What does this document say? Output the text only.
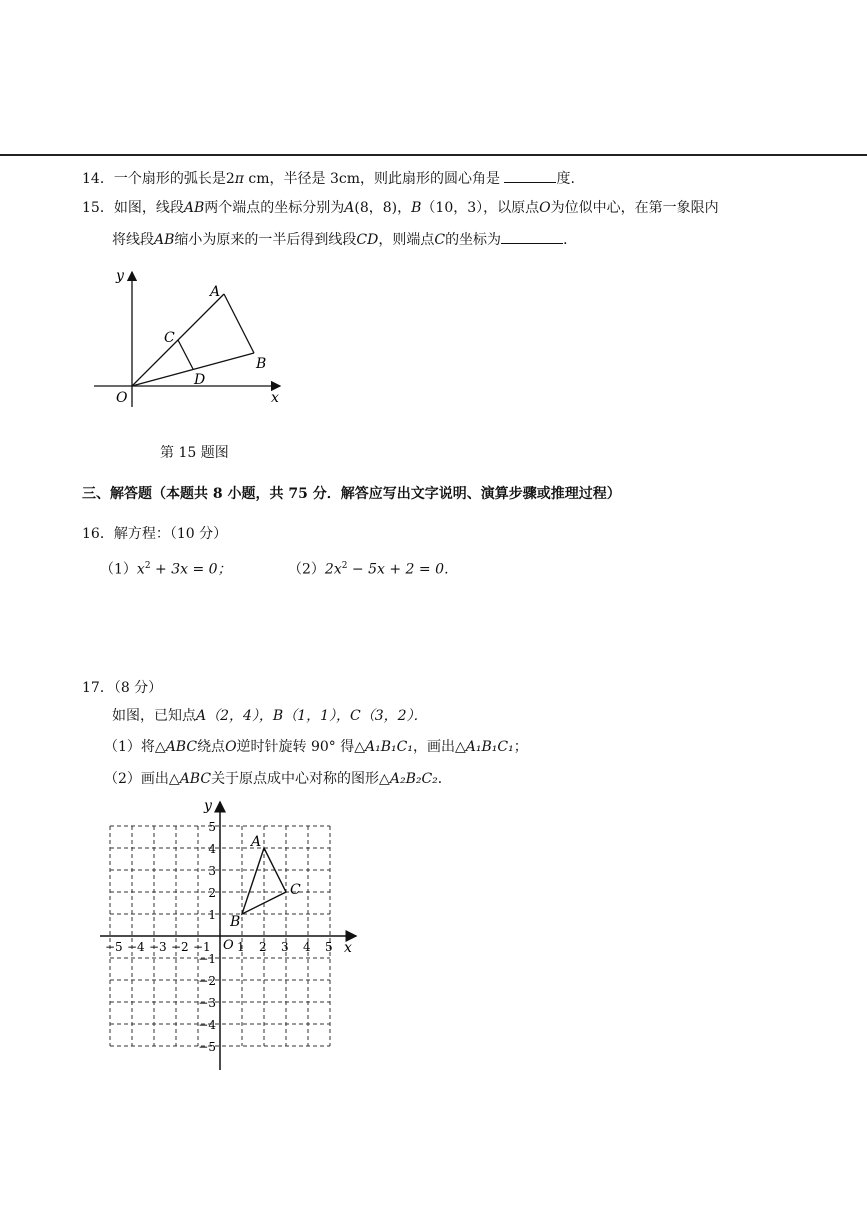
14．一个扇形的弧长是2π cm，半径是 3cm，则此扇形的圆心角是	度.
15．如图，线段AB两个端点的坐标分别为A(8，8)，B（10，3），以原点O为位似中心，在第一象限内
将线段AB缩小为原来的一半后得到线段CD，则端点C的坐标为	．
y
x
O
A
B
C
D
第 15 题图
三、解答题（本题共 8 小题，共 75 分．解答应写出文字说明、演算步骤或推理过程）
16．解方程：（10 分）
$(1)x^2 + 3x = 0$；	$(2)2x^2 - 5x + 2 = 0$．
17．（8 分）
如图，已知点A（2，4），B（1，1），C（3，2）．
（1）将△ABC绕点O逆时针旋转 90° 得△A₁B₁C₁，画出△A₁B₁C₁；
（2）画出△ABC关于原点成中心对称的图形△A₂B₂C₂．
−5 −4 −3 −2 −1 1 2 3 4 5
5
4
3
2
1
−1
−2
−3
−4
−5
y
x
O
A
B
C
